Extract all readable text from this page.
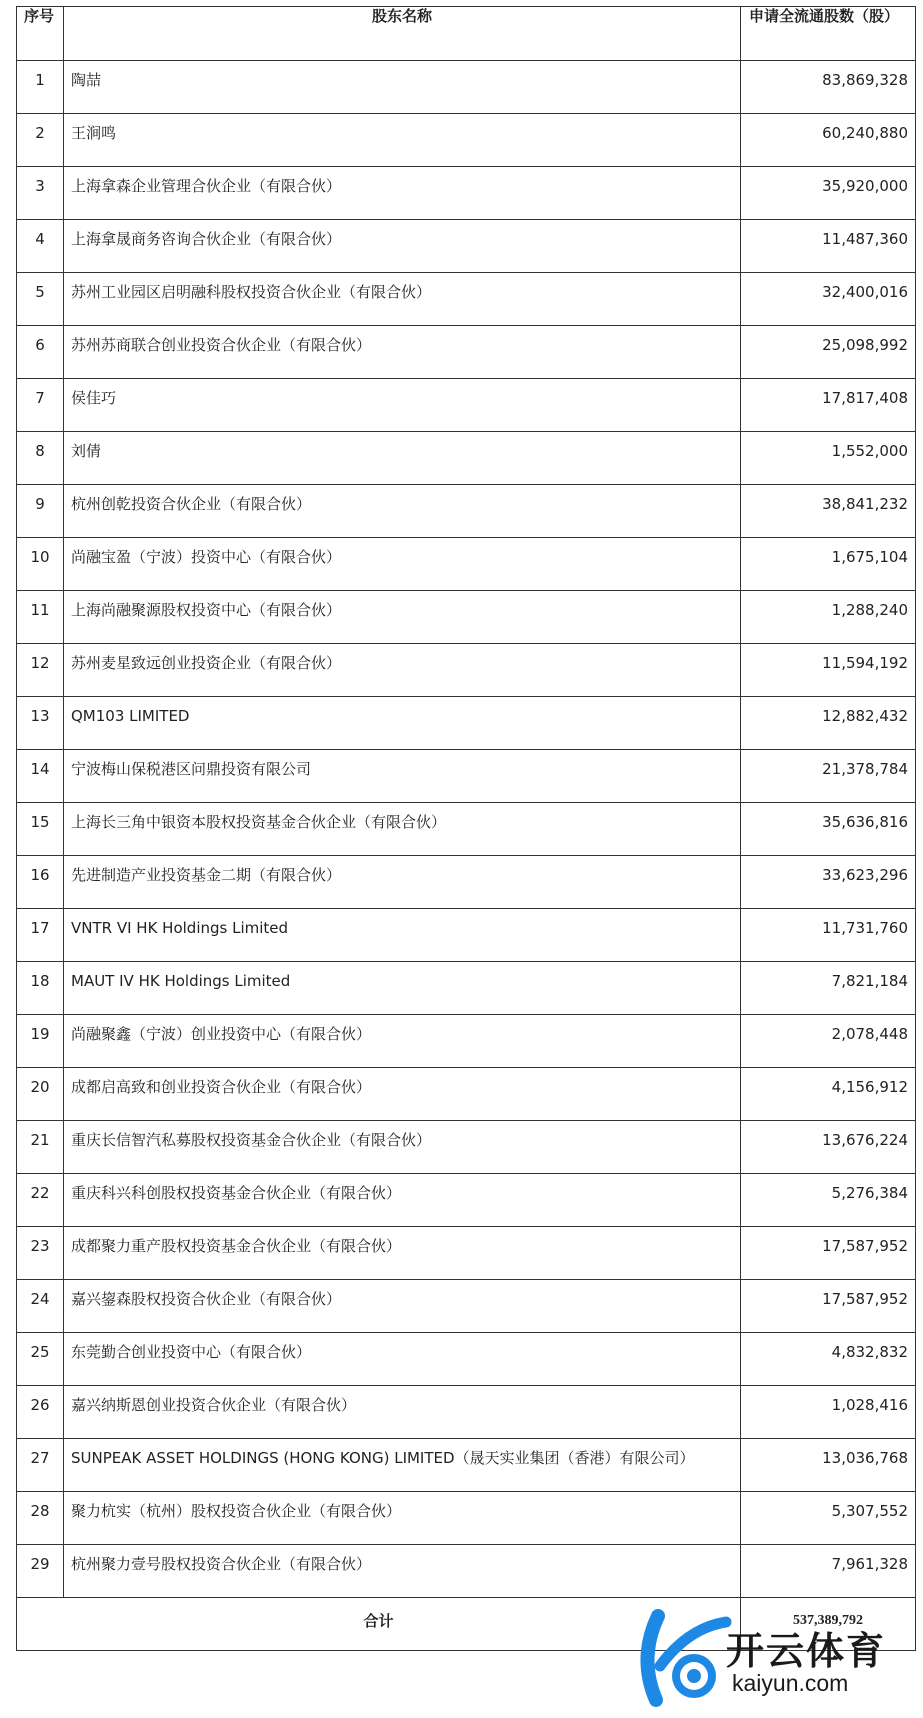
序号	股东名称	申请全流通股数（股）
1	陶喆	83,869,328
2	王涧鸣	60,240,880
3	上海拿森企业管理合伙企业（有限合伙）	35,920,000
4	上海拿晟商务咨询合伙企业（有限合伙）	11,487,360
5	苏州工业园区启明融科股权投资合伙企业（有限合伙）	32,400,016
6	苏州苏商联合创业投资合伙企业（有限合伙）	25,098,992
7	侯佳巧	17,817,408
8	刘倩	1,552,000
9	杭州创乾投资合伙企业（有限合伙）	38,841,232
10	尚融宝盈（宁波）投资中心（有限合伙）	1,675,104
11	上海尚融聚源股权投资中心（有限合伙）	1,288,240
12	苏州麦星致远创业投资企业（有限合伙）	11,594,192
13	QM103 LIMITED	12,882,432
14	宁波梅山保税港区问鼎投资有限公司	21,378,784
15	上海长三角中银资本股权投资基金合伙企业（有限合伙）	35,636,816
16	先进制造产业投资基金二期（有限合伙）	33,623,296
17	VNTR VI HK Holdings Limited	11,731,760
18	MAUT IV HK Holdings Limited	7,821,184
19	尚融聚鑫（宁波）创业投资中心（有限合伙）	2,078,448
20	成都启高致和创业投资合伙企业（有限合伙）	4,156,912
21	重庆长信智汽私募股权投资基金合伙企业（有限合伙）	13,676,224
22	重庆科兴科创股权投资基金合伙企业（有限合伙）	5,276,384
23	成都聚力重产股权投资基金合伙企业（有限合伙）	17,587,952
24	嘉兴鋆森股权投资合伙企业（有限合伙）	17,587,952
25	东莞勤合创业投资中心（有限合伙）	4,832,832
26	嘉兴纳斯恩创业投资合伙企业（有限合伙）	1,028,416
27	SUNPEAK ASSET HOLDINGS (HONG KONG) LIMITED（晟天实业集团（香港）有限公司）	13,036,768
28	聚力杭实（杭州）股权投资合伙企业（有限合伙）	5,307,552
29	杭州聚力壹号股权投资合伙企业（有限合伙）	7,961,328
合计		537,389,792
开云体育
kaiyun.com
